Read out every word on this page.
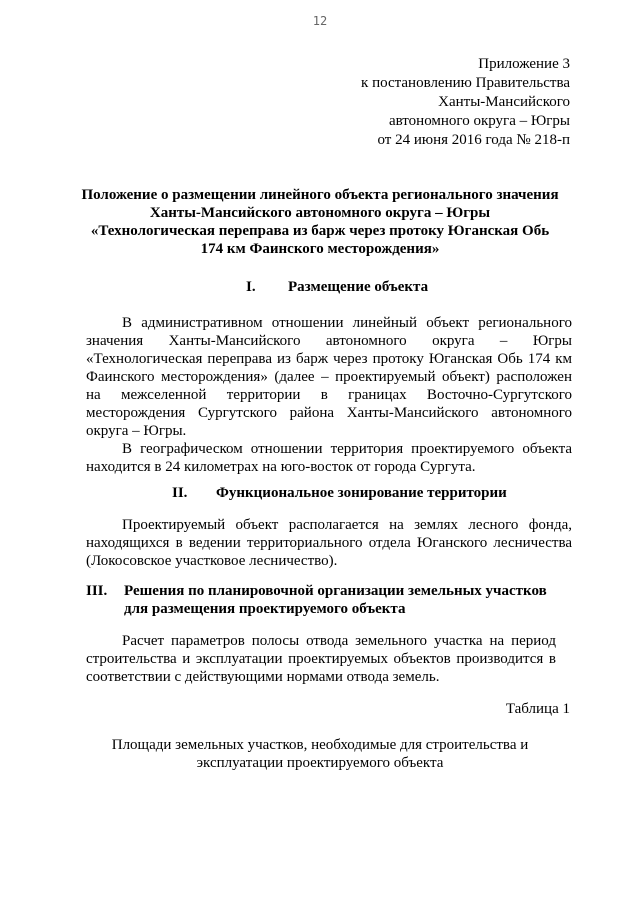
12
Приложение 3
к постановлению Правительства
Ханты-Мансийского
автономного округа – Югры
от 24 июня 2016 года № 218-п
Положение о размещении линейного объекта регионального значения
Ханты-Мансийского автономного округа – Югры
«Технологическая переправа из барж через протоку Юганская Обь
174 км Фаинского месторождения»
I. Размещение объекта
В административном отношении линейный объект регионального
значения Ханты-Мансийского автономного округа – Югры
«Технологическая переправа из барж через протоку Юганская Обь 174 км
Фаинского месторождения» (далее – проектируемый объект) расположен
на межселенной территории в границах Восточно-Сургутского
месторождения Сургутского района Ханты-Мансийского автономного
округа – Югры.
В географическом отношении территория проектируемого объекта
находится в 24 километрах на юго-восток от города Сургута.
II. Функциональное зонирование территории
Проектируемый объект располагается на землях лесного фонда,
находящихся в ведении территориального отдела Юганского лесничества
(Локосовское участковое лесничество).
III. Решения по планировочной организации земельных участков
для размещения проектируемого объекта
Расчет параметров полосы отвода земельного участка на период
строительства и эксплуатации проектируемых объектов производится в
соответствии с действующими нормами отвода земель.
Таблица 1
Площади земельных участков, необходимые для строительства и
эксплуатации проектируемого объекта
